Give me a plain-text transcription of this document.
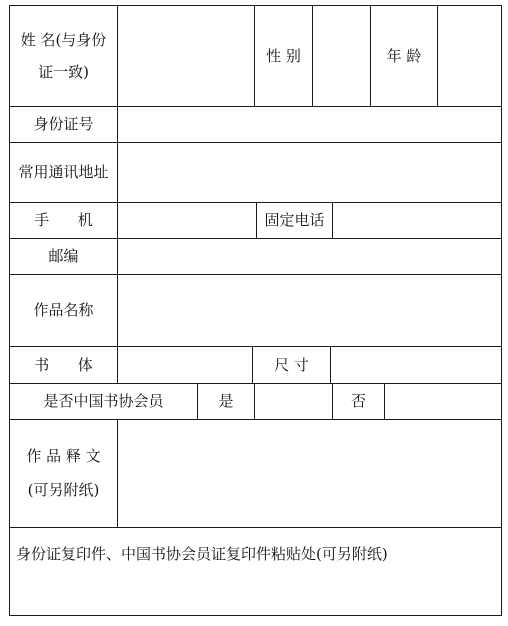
姓 名(与身份
证一致)
性 别	年 龄
身份证号
常用通讯地址
手      机	固定电话
邮编
作品名称
书      体	尺 寸
是否中国书协会员	是	否
作 品 释 文
(可另附纸)
身份证复印件、中国书协会员证复印件粘贴处(可另附纸)
